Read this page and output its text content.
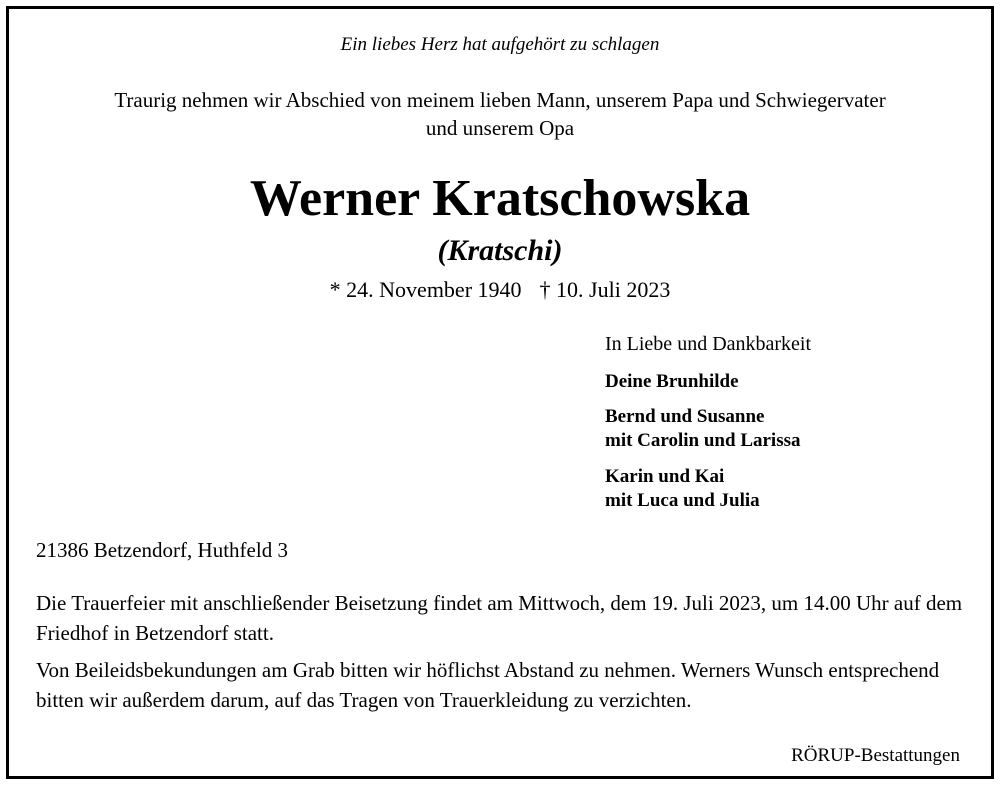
Ein liebes Herz hat aufgehört zu schlagen
Traurig nehmen wir Abschied von meinem lieben Mann, unserem Papa und Schwiegervater
und unserem Opa
Werner Kratschowska
(Kratschi)
* 24. November 1940 † 10. Juli 2023
In Liebe und Dankbarkeit
Deine Brunhilde
Bernd und Susanne
mit Carolin und Larissa
Karin und Kai
mit Luca und Julia
21386 Betzendorf, Huthfeld 3
Die Trauerfeier mit anschließender Beisetzung findet am Mittwoch, dem 19. Juli 2023, um 14.00 Uhr auf dem Friedhof in Betzendorf statt.
Von Beileidsbekundungen am Grab bitten wir höflichst Abstand zu nehmen. Werners Wunsch entsprechend bitten wir außerdem darum, auf das Tragen von Trauerkleidung zu verzichten.
RÖRUP-Bestattungen
